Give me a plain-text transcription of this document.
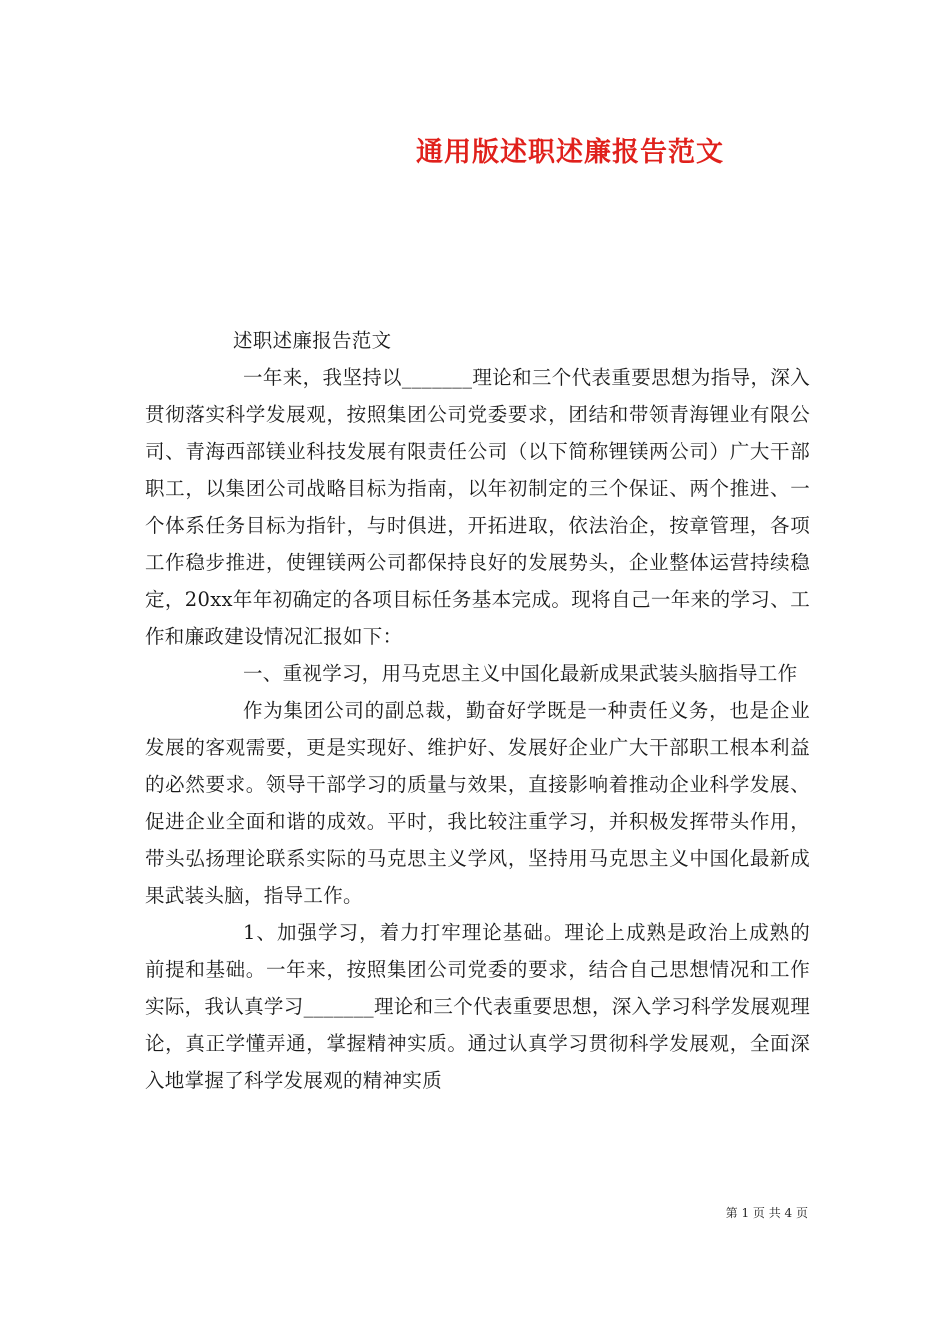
通用版述职述廉报告范文

述职述廉报告范文

一年来，我坚持以_______理论和三个代表重要思想为指导，深入贯彻落实科学发展观，按照集团公司党委要求，团结和带领青海锂业有限公司、青海西部镁业科技发展有限责任公司（以下简称锂镁两公司）广大干部职工，以集团公司战略目标为指南，以年初制定的三个保证、两个推进、一个体系任务目标为指针，与时俱进，开拓进取，依法治企，按章管理，各项工作稳步推进，使锂镁两公司都保持良好的发展势头，企业整体运营持续稳定，20xx年年初确定的各项目标任务基本完成。现将自己一年来的学习、工作和廉政建设情况汇报如下：

一、重视学习，用马克思主义中国化最新成果武装头脑指导工作

作为集团公司的副总裁，勤奋好学既是一种责任义务，也是企业发展的客观需要，更是实现好、维护好、发展好企业广大干部职工根本利益的必然要求。领导干部学习的质量与效果，直接影响着推动企业科学发展、促进企业全面和谐的成效。平时，我比较注重学习，并积极发挥带头作用，带头弘扬理论联系实际的马克思主义学风，坚持用马克思主义中国化最新成果武装头脑，指导工作。

1、加强学习，着力打牢理论基础。理论上成熟是政治上成熟的前提和基础。一年来，按照集团公司党委的要求，结合自己思想情况和工作实际，我认真学习_______理论和三个代表重要思想，深入学习科学发展观理论，真正学懂弄通，掌握精神实质。通过认真学习贯彻科学发展观，全面深入地掌握了科学发展观的精神实质

第 1 页 共 4 页
